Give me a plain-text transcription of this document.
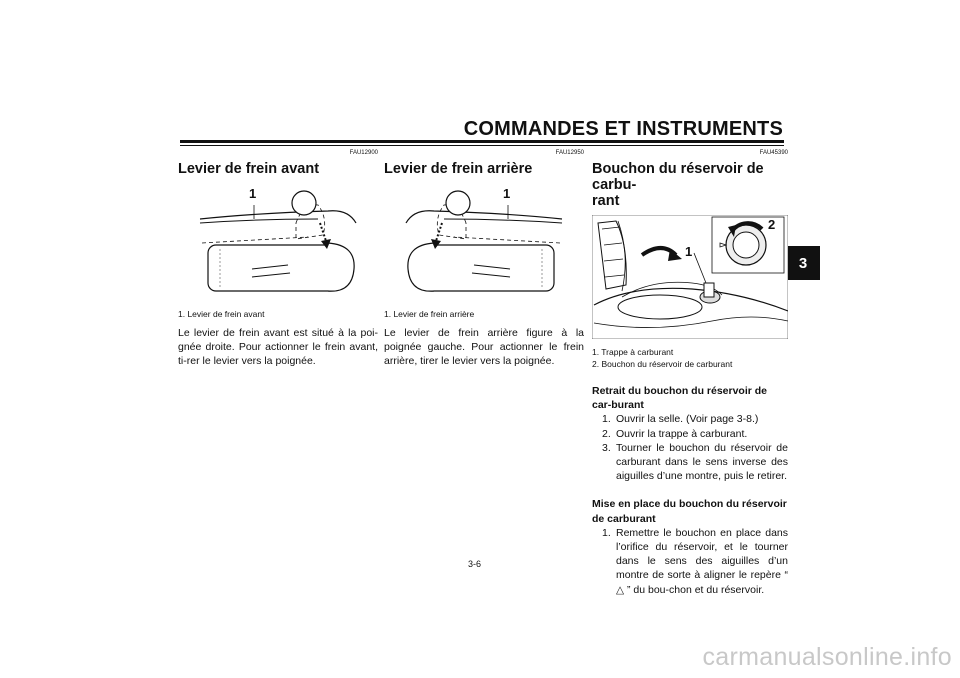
COMMANDES ET INSTRUMENTS
3
FAU12900
Levier de frein avant
1
1. Levier de frein avant

Le levier de frein avant est situé à la poi-gnée droite. Pour actionner le frein avant, ti-rer le levier vers la poignée.

FAU12950
Levier de frein arrière
1
1. Levier de frein arrière

Le levier de frein arrière figure à la poignée gauche. Pour actionner le frein arrière, tirer le levier vers la poignée.

FAU45390
Bouchon du réservoir de carbu-
rant
1
2
1. Trappe à carburant
2. Bouchon du réservoir de carburant
Retrait du bouchon du réservoir de car-burant
1. Ouvrir la selle. (Voir page 3-8.)
2. Ouvrir la trappe à carburant.
3. Tourner le bouchon du réservoir de carburant dans le sens inverse des aiguilles d’une montre, puis le retirer.
Mise en place du bouchon du réservoir de carburant
1. Remettre le bouchon en place dans l’orifice du réservoir, et le tourner dans le sens des aiguilles d’un montre de sorte à aligner le repère “ △ ” du bou-chon et du réservoir.
3-6
carmanualsonline.info
